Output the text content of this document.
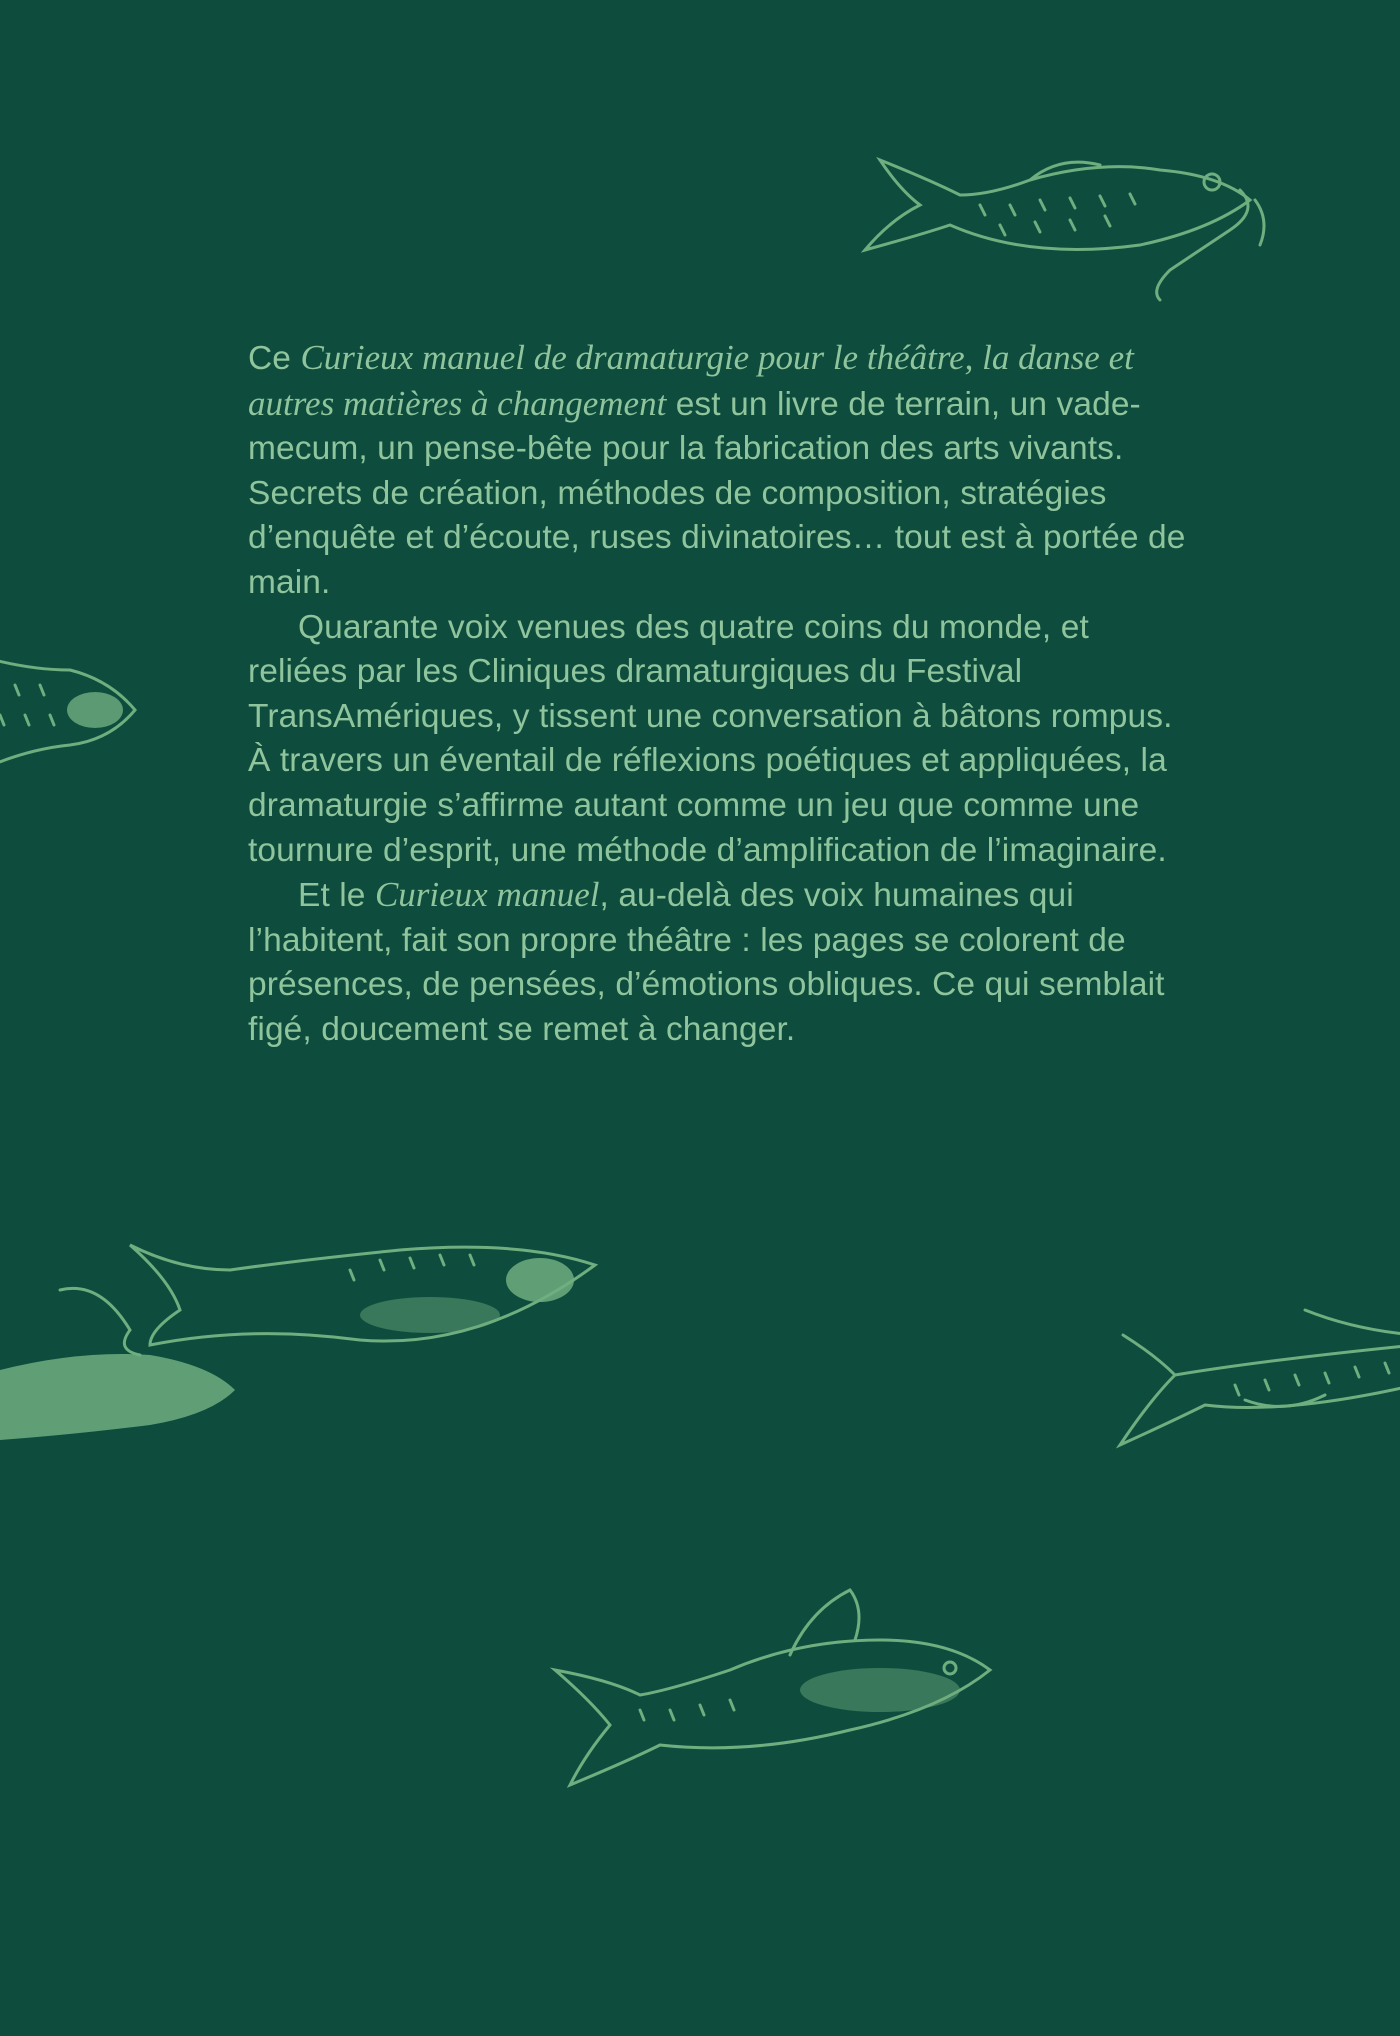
Ce Curieux manuel de dramaturgie pour le théâtre, la danse et autres matières à changement est un livre de terrain, un vade-mecum, un pense-bête pour la fabrication des arts vivants. Secrets de création, méthodes de composition, stratégies d’enquête et d’écoute, ruses divinatoires… tout est à portée de main.

Quarante voix venues des quatre coins du monde, et reliées par les Cliniques dramaturgiques du Festival TransAmériques, y tissent une conversation à bâtons rompus. À travers un éventail de réflexions poétiques et appliquées, la dramaturgie s’affirme autant comme un jeu que comme une tournure d’esprit, une méthode d’amplification de l’imaginaire.

Et le Curieux manuel, au-delà des voix humaines qui l’habitent, fait son propre théâtre : les pages se colorent de présences, de pensées, d’émotions obliques. Ce qui semblait figé, doucement se remet à changer.
